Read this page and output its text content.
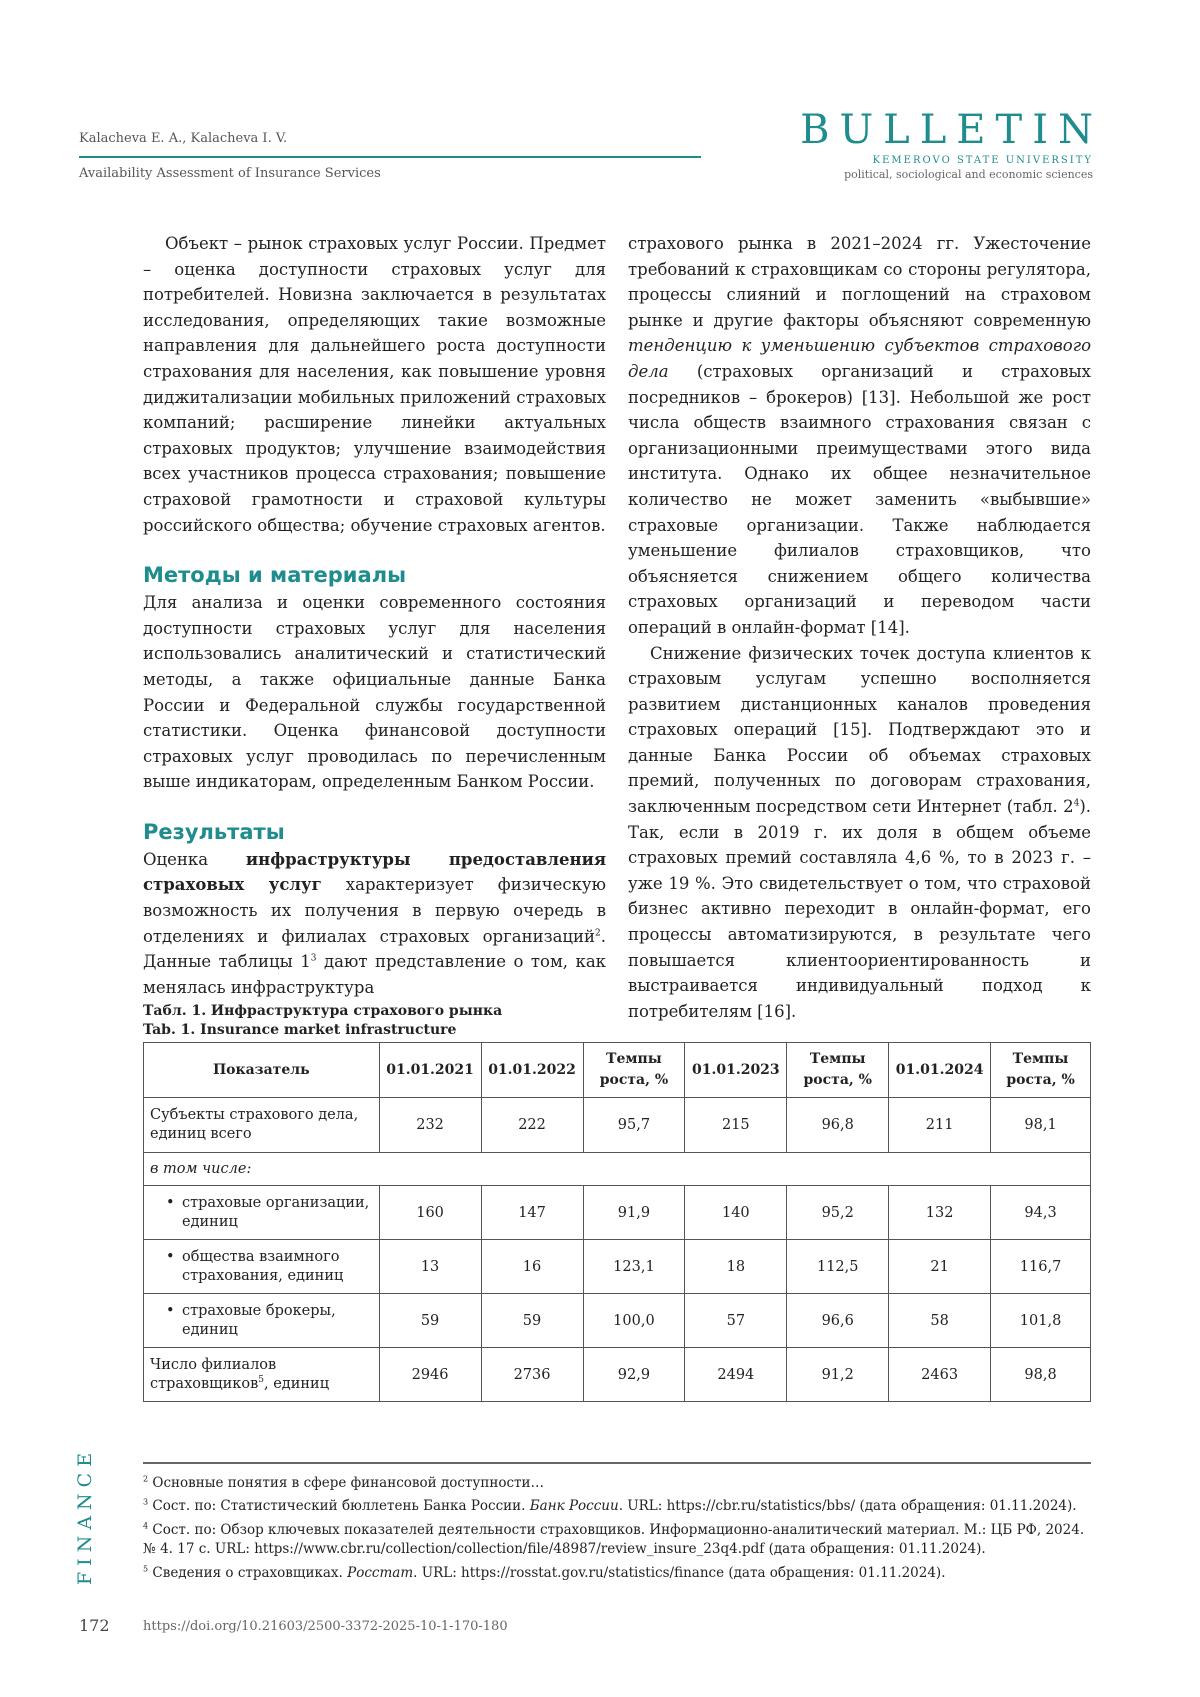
Kalacheva E. A., Kalacheva I. V.
Availability Assessment of Insurance Services
BULLETIN
KEMEROVO STATE UNIVERSITY
political, sociological and economic sciences

Объект – рынок страховых услуг России. Предмет – оценка доступности страховых услуг для потребителей. Новизна заключается в результатах исследования, определяющих такие возможные направления для дальнейшего роста доступности страхования для населения, как повышение уровня диджитализации мобильных приложений страховых компаний; расширение линейки актуальных страховых продуктов; улучшение взаимодействия всех участников процесса страхования; повышение страховой грамотности и страховой культуры российского общества; обучение страховых агентов.

Методы и материалы

Для анализа и оценки современного состояния доступности страховых услуг для населения использовались аналитический и статистический методы, а также официальные данные Банка России и Федеральной службы государственной статистики. Оценка финансовой доступности страховых услуг проводилась по перечисленным выше индикаторам, определенным Банком России.

Результаты

Оценка инфраструктуры предоставления страховых услуг характеризует физическую возможность их получения в первую очередь в отделениях и филиалах страховых организаций$^2$. Данные таблицы $1^3$ дают представление о том, как менялась инфраструктура

страхового рынка в 2021–2024 гг. Ужесточение требований к страховщикам со стороны регулятора, процессы слияний и поглощений на страховом рынке и другие факторы объясняют современную тенденцию к уменьшению субъектов страхового дела (страховых организаций и страховых посредников – брокеров) [13]. Небольшой же рост числа обществ взаимного страхования связан с организационными преимуществами этого вида института. Однако их общее незначительное количество не может заменить «выбывшие» страховые организации. Также наблюдается уменьшение филиалов страховщиков, что объясняется снижением общего количества страховых организаций и переводом части операций в онлайн-формат [14].

Снижение физических точек доступа клиентов к страховым услугам успешно восполняется развитием дистанционных каналов проведения страховых операций [15]. Подтверждают это и данные Банка России об объемах страховых премий, полученных по договорам страхования, заключенным посредством сети Интернет (табл. $2^4$). Так, если в 2019 г. их доля в общем объеме страховых премий составляла 4,6 %, то в 2023 г. – уже 19 %. Это свидетельствует о том, что страховой бизнес активно переходит в онлайн-формат, его процессы автоматизируются, в результате чего повышается клиентоориентированность и выстраивается индивидуальный подход к потребителям [16].

Табл. 1. Инфраструктура страхового рынка
Tab. 1. Insurance market infrastructure
Показатель	01.01.2021	01.01.2022	Темпы роста, %	01.01.2023	Темпы роста, %	01.01.2024	Темпы роста, %
Субъекты страхового дела, единиц всего	232	222	95,7	215	96,8	211	98,1
в том числе:							

• страховые организации, единиц	160	147	91,9	140	95,2	132	94,3

• общества взаимного страхования, единиц	13	16	123,1	18	112,5	21	116,7

• страховые брокеры, единиц	59	59	100,0	57	96,6	58	101,8
Число филиалов страховщиков$^5$, единиц	2946	2736	92,9	2494	91,2	2463	98,8
$^2$ Основные понятия в сфере финансовой доступности…
$^3$ Сост. по: Статистический бюллетень Банка России. Банк России. URL: https://cbr.ru/statistics/bbs/ (дата обращения: 01.11.2024).
$^4$ Сост. по: Обзор ключевых показателей деятельности страховщиков. Информационно-аналитический материал. М.: ЦБ РФ, 2024. № 4. 17 с. URL: https://www.cbr.ru/collection/collection/file/48987/review_insure_23q4.pdf (дата обращения: 01.11.2024).
$^5$ Сведения о страховщиках. Росстат. URL: https://rosstat.gov.ru/statistics/finance (дата обращения: 01.11.2024).
FINANCE
172	https://doi.org/10.21603/2500-3372-2025-10-1-170-180
